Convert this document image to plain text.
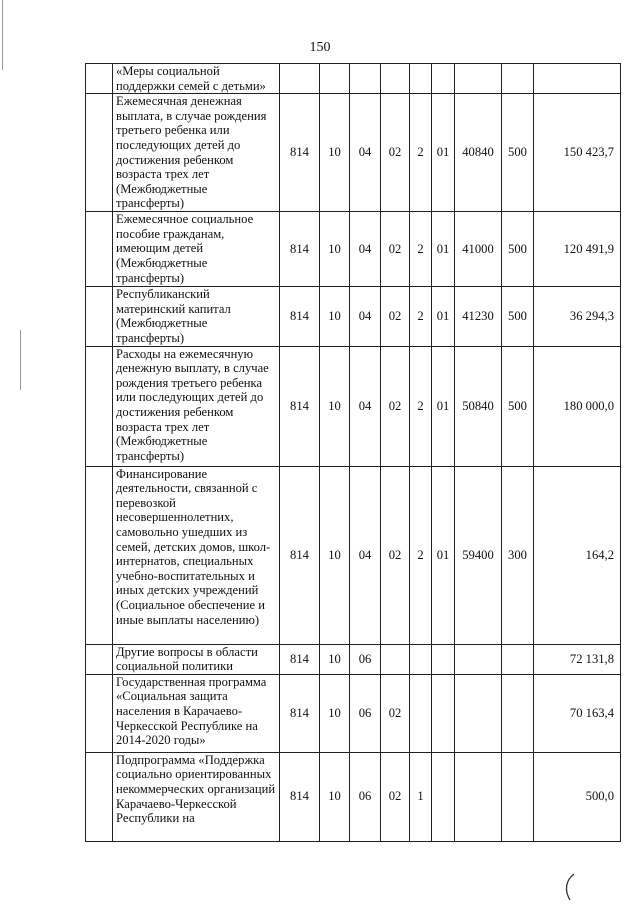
150
	«Меры социальной поддержки семей с детьми»									
	Ежемесячная денежная выплата, в случае рождения третьего ребенка или последующих детей до достижения ребенком возраста трех лет (Межбюджетные трансферты)	814	10	04	02	2	01	40840	500	150 423,7
	Ежемесячное социальное пособие гражданам, имеющим детей (Межбюджетные трансферты)	814	10	04	02	2	01	41000	500	120 491,9
	Республиканский материнский капитал (Межбюджетные трансферты)	814	10	04	02	2	01	41230	500	36 294,3
	Расходы на ежемесячную денежную выплату, в случае рождения третьего ребенка или последующих детей до достижения ребенком возраста трех лет (Межбюджетные трансферты)	814	10	04	02	2	01	50840	500	180 000,0
	Финансирование деятельности, связанной с перевозкой несовершеннолетних, самовольно ушедших из семей, детских домов, школ-интернатов, специальных учебно-воспитательных и иных детских учреждений (Социальное обеспечение и иные выплаты населению)	814	10	04	02	2	01	59400	300	164,2
	Другие вопросы в области социальной политики	814	10	06						72 131,8
	Государственная программа «Социальная защита населения в Карачаево-Черкесской Республике на 2014-2020 годы»	814	10	06	02					70 163,4
	Подпрограмма «Поддержка социально ориентированных некоммерческих организаций Карачаево-Черкесской Республики на	814	10	06	02	1				500,0
